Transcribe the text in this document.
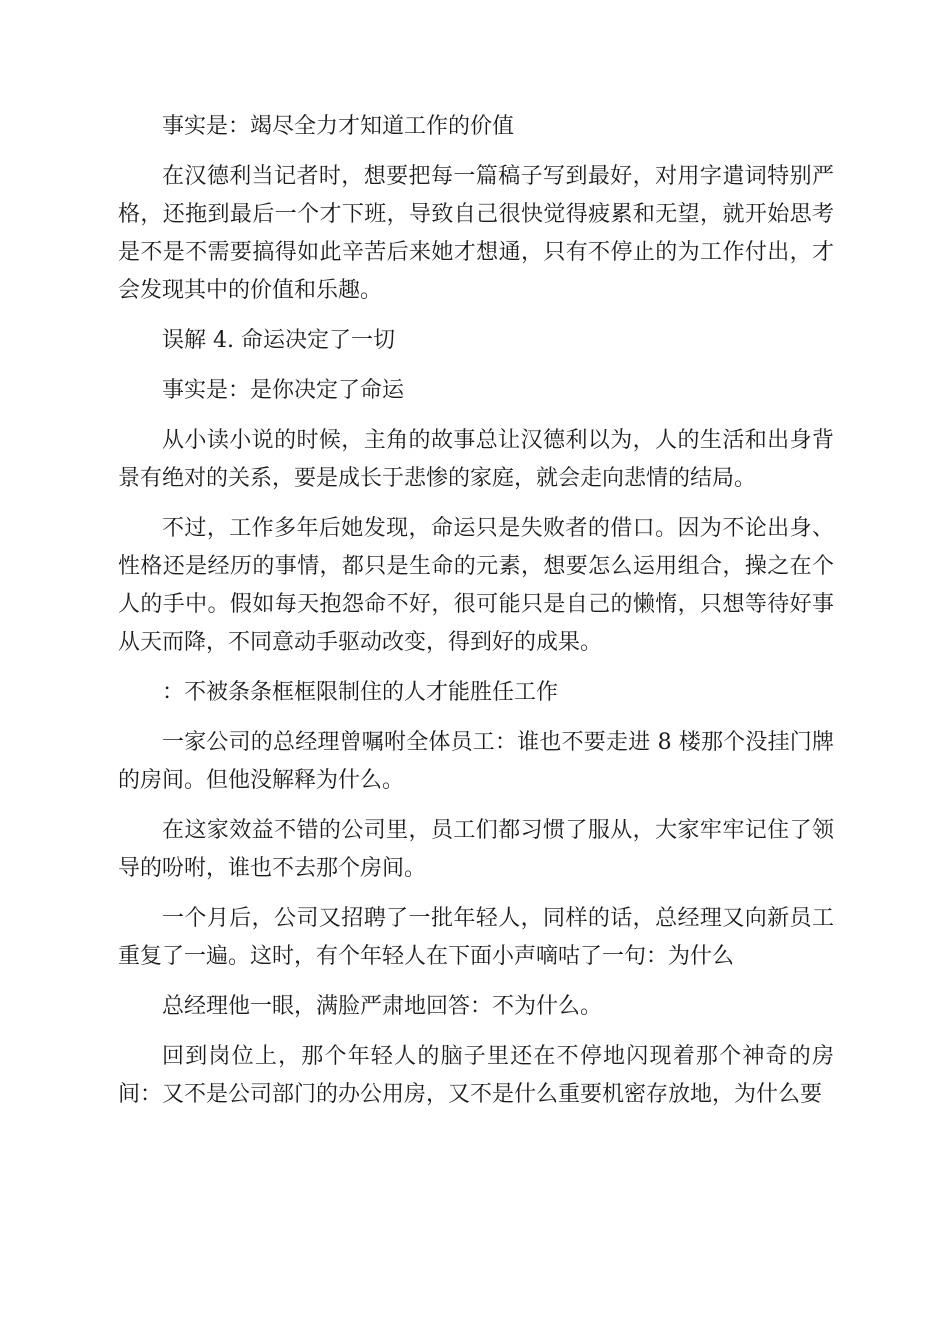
事实是：竭尽全力才知道工作的价值

在汉德利当记者时，想要把每一篇稿子写到最好，对用字遣词特别严格，还拖到最后一个才下班，导致自己很快觉得疲累和无望，就开始思考是不是不需要搞得如此辛苦后来她才想通，只有不停止的为工作付出，才会发现其中的价值和乐趣。

误解 4. 命运决定了一切

事实是：是你决定了命运

从小读小说的时候，主角的故事总让汉德利以为，人的生活和出身背景有绝对的关系，要是成长于悲惨的家庭，就会走向悲情的结局。

不过，工作多年后她发现，命运只是失败者的借口。因为不论出身、性格还是经历的事情，都只是生命的元素，想要怎么运用组合，操之在个人的手中。假如每天抱怨命不好，很可能只是自己的懒惰，只想等待好事从天而降，不同意动手驱动改变，得到好的成果。

：不被条条框框限制住的人才能胜任工作

一家公司的总经理曾嘱咐全体员工：谁也不要走进 8 楼那个没挂门牌的房间。但他没解释为什么。

在这家效益不错的公司里，员工们都习惯了服从，大家牢牢记住了领导的吩咐，谁也不去那个房间。

一个月后，公司又招聘了一批年轻人，同样的话，总经理又向新员工重复了一遍。这时，有个年轻人在下面小声嘀咕了一句：为什么

总经理他一眼，满脸严肃地回答：不为什么。

回到岗位上，那个年轻人的脑子里还在不停地闪现着那个神奇的房间：又不是公司部门的办公用房，又不是什么重要机密存放地，为什么要
